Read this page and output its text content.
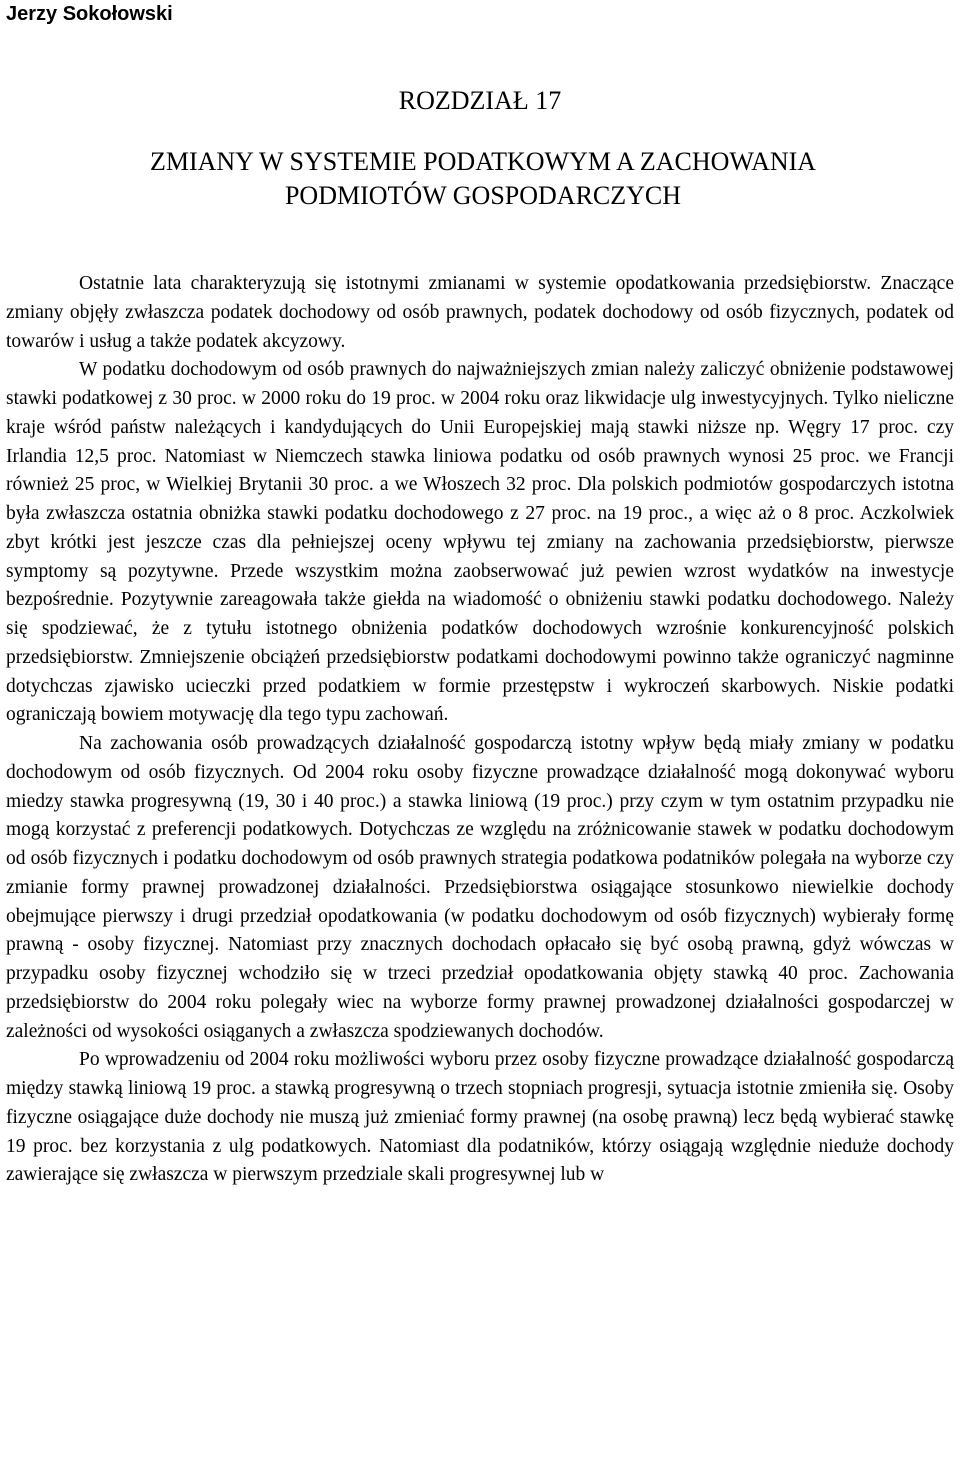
Jerzy Sokołowski
ROZDZIAŁ 17
ZMIANY W SYSTEMIE PODATKOWYM A ZACHOWANIA
PODMIOTÓW GOSPODARCZYCH

Ostatnie lata charakteryzują się istotnymi zmianami w systemie opodatkowania przedsiębiorstw. Znaczące zmiany objęły zwłaszcza podatek dochodowy od osób prawnych, podatek dochodowy od osób fizycznych, podatek od towarów i usług a także podatek akcyzowy.

W podatku dochodowym od osób prawnych do najważniejszych zmian należy zaliczyć obniżenie podstawowej stawki podatkowej z 30 proc. w 2000 roku do 19 proc. w 2004 roku oraz likwidacje ulg inwestycyjnych. Tylko nieliczne kraje wśród państw należących i kandydujących do Unii Europejskiej mają stawki niższe np. Węgry 17 proc. czy Irlandia 12,5 proc. Natomiast w Niemczech stawka liniowa podatku od osób prawnych wynosi 25 proc. we Francji również 25 proc, w Wielkiej Brytanii 30 proc. a we Włoszech 32 proc. Dla polskich podmiotów gospodarczych istotna była zwłaszcza ostatnia obniżka stawki podatku dochodowego z 27 proc. na 19 proc., a więc aż o 8 proc. Aczkolwiek zbyt krótki jest jeszcze czas dla pełniejszej oceny wpływu tej zmiany na zachowania przedsiębiorstw, pierwsze symptomy są pozytywne. Przede wszystkim można zaobserwować już pewien wzrost wydatków na inwestycje bezpośrednie. Pozytywnie zareagowała także giełda na wiadomość o obniżeniu stawki podatku dochodowego. Należy się spodziewać, że z tytułu istotnego obniżenia podatków dochodowych wzrośnie konkurencyjność polskich przedsiębiorstw. Zmniejszenie obciążeń przedsiębiorstw podatkami dochodowymi powinno także ograniczyć nagminne dotychczas zjawisko ucieczki przed podatkiem w formie przestępstw i wykroczeń skarbowych. Niskie podatki ograniczają bowiem motywację dla tego typu zachowań.

Na zachowania osób prowadzących działalność gospodarczą istotny wpływ będą miały zmiany w podatku dochodowym od osób fizycznych. Od 2004 roku osoby fizyczne prowadzące działalność mogą dokonywać wyboru miedzy stawka progresywną (19, 30 i 40 proc.) a stawka liniową (19 proc.) przy czym w tym ostatnim przypadku nie mogą korzystać z preferencji podatkowych. Dotychczas ze względu na zróżnicowanie stawek w podatku dochodowym od osób fizycznych i podatku dochodowym od osób prawnych strategia podatkowa podatników polegała na wyborze czy zmianie formy prawnej prowadzonej działalności. Przedsiębiorstwa osiągające stosunkowo niewielkie dochody obejmujące pierwszy i drugi przedział opodatkowania (w podatku dochodowym od osób fizycznych) wybierały formę prawną - osoby fizycznej. Natomiast przy znacznych dochodach opłacało się być osobą prawną, gdyż wówczas w przypadku osoby fizycznej wchodziło się w trzeci przedział opodatkowania objęty stawką 40 proc. Zachowania przedsiębiorstw do 2004 roku polegały wiec na wyborze formy prawnej prowadzonej działalności gospodarczej w zależności od wysokości osiąganych a zwłaszcza spodziewanych dochodów.

Po wprowadzeniu od 2004 roku możliwości wyboru przez osoby fizyczne prowadzące działalność gospodarczą między stawką liniową 19 proc. a stawką progresywną o trzech stopniach progresji, sytuacja istotnie zmieniła się. Osoby fizyczne osiągające duże dochody nie muszą już zmieniać formy prawnej (na osobę prawną) lecz będą wybierać stawkę 19 proc. bez korzystania z ulg podatkowych. Natomiast dla podatników, którzy osiągają względnie niedużе dochody zawierające się zwłaszcza w pierwszym przedziale skali progresywnej lub w
